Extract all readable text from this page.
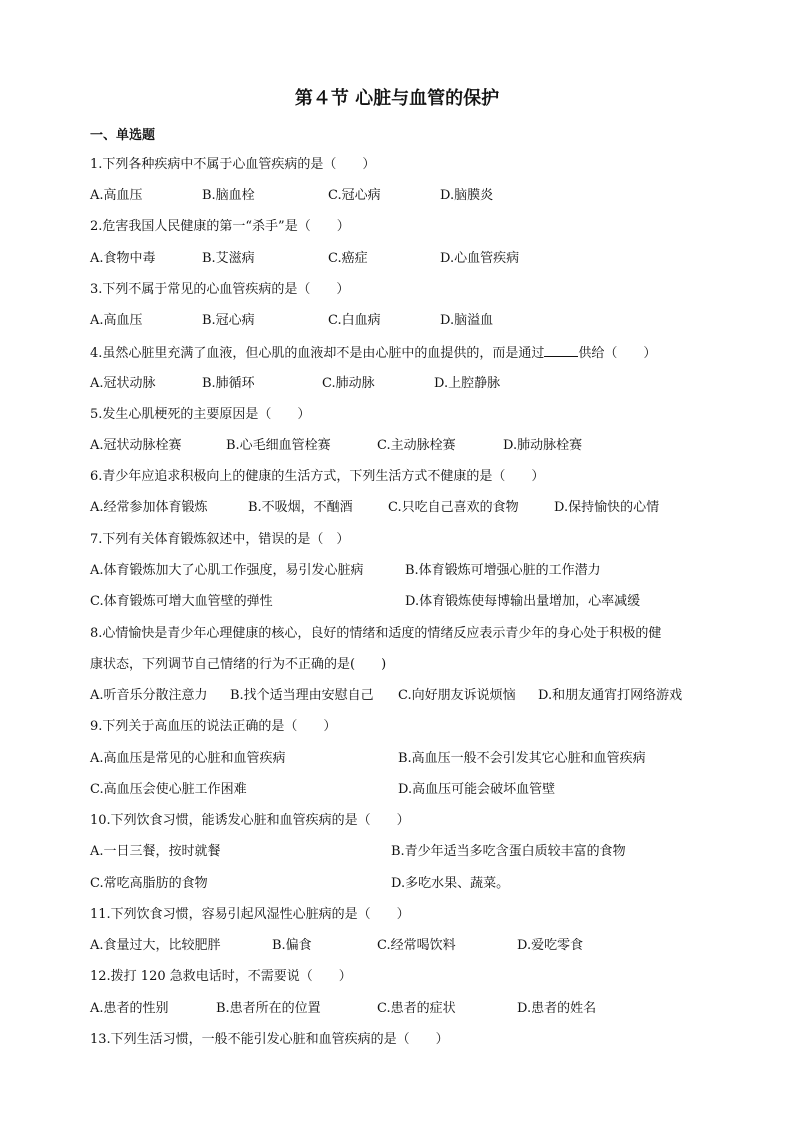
第４节 心脏与血管的保护
一、单选题
1.下列各种疾病中不属于心血管疾病的是（　　）
A.高血压	B.脑血栓	C.冠心病	D.脑膜炎
2.危害我国人民健康的第一“杀手”是（　　）
A.食物中毒	B.艾滋病	C.癌症	D.心血管疾病
3.下列不属于常见的心血管疾病的是（　　）
A.高血压	B.冠心病	C.白血病	D.脑溢血
4.虽然心脏里充满了血液，但心肌的血液却不是由心脏中的血提供的，而是通过	供给（　　）
A.冠状动脉	B.肺循环	C.肺动脉	D.上腔静脉
5.发生心肌梗死的主要原因是（　　）
A.冠状动脉栓赛	B.心毛细血管栓赛	C.主动脉栓赛	D.肺动脉栓赛
6.青少年应追求积极向上的健康的生活方式，下列生活方式不健康的是（　　）
A.经常参加体育锻炼	B.不吸烟，不酗酒	C.只吃自己喜欢的食物	D.保持愉快的心情
7.下列有关体育锻炼叙述中，错误的是（　）
A.体育锻炼加大了心肌工作强度，易引发心脏病	B.体育锻炼可增强心脏的工作潜力
C.体育锻炼可增大血管壁的弹性	D.体育锻炼使每博输出量增加，心率减缓
8.心情愉快是青少年心理健康的核心，良好的情绪和适度的情绪反应表示青少年的身心处于积极的健
康状态，下列调节自己情绪的行为不正确的是(　　)
A.听音乐分散注意力 B.找个适当理由安慰自己 C.向好朋友诉说烦恼 D.和朋友通宵打网络游戏
9.下列关于高血压的说法正确的是（　　）
A.高血压是常见的心脏和血管疾病	B.高血压一般不会引发其它心脏和血管疾病
C.高血压会使心脏工作困难	D.高血压可能会破坏血管壁
10.下列饮食习惯，能诱发心脏和血管疾病的是（　　）
A.一日三餐，按时就餐	B.青少年适当多吃含蛋白质较丰富的食物
C.常吃高脂肪的食物	D.多吃水果、蔬菜。
11.下列饮食习惯，容易引起风湿性心脏病的是（　　）
A.食量过大，比较肥胖	B.偏食	C.经常喝饮料	D.爱吃零食
12.拨打 120 急救电话时，不需要说（　　）
A.患者的性别	B.患者所在的位置	C.患者的症状	D.患者的姓名
13.下列生活习惯，一般不能引发心脏和血管疾病的是（　　）
